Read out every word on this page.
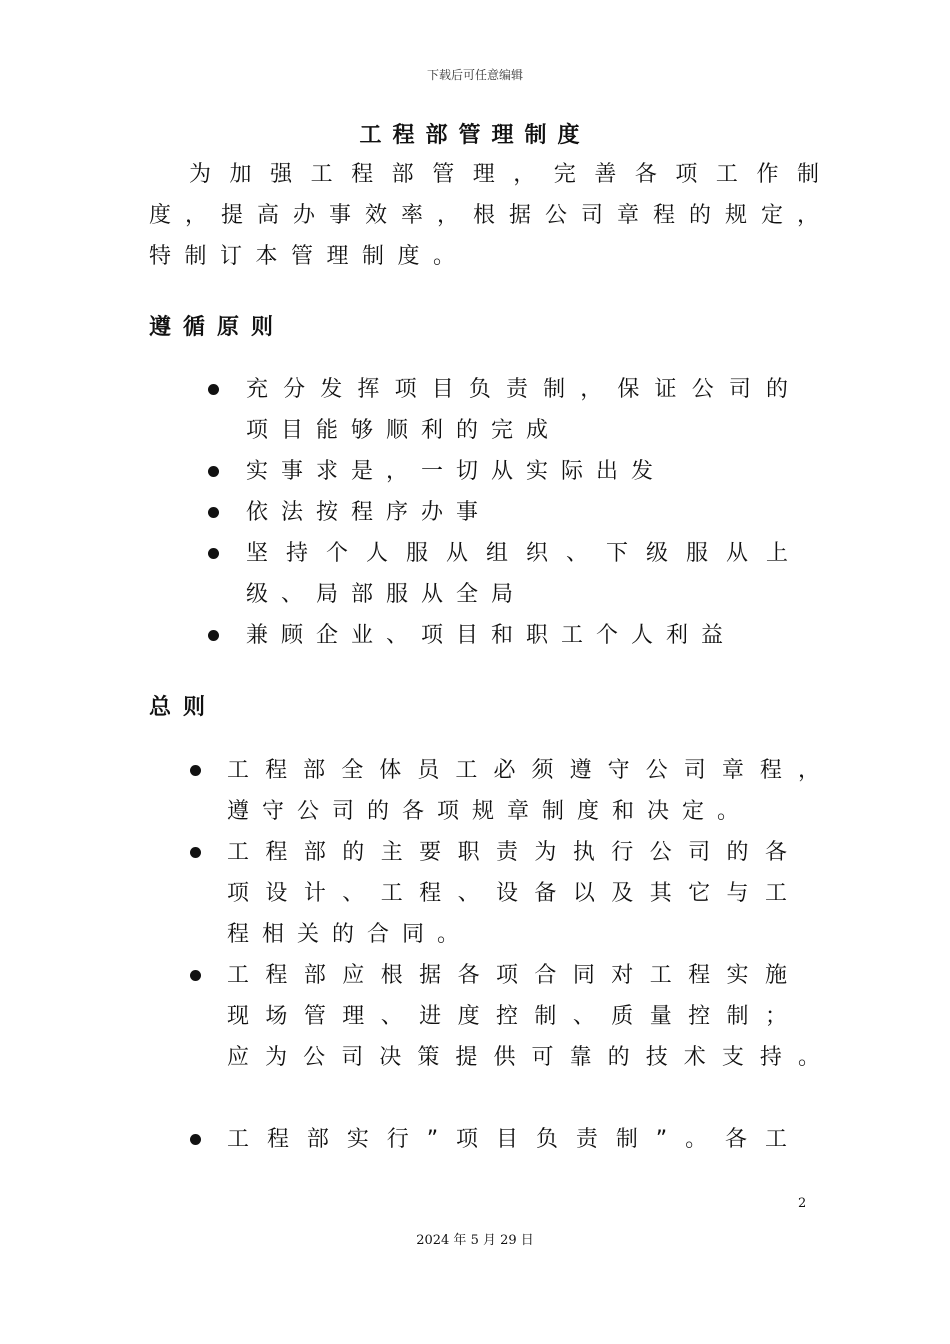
下载后可任意编辑
工程部管理制度
为加强工程部管理，完善各项工作制
度，提高办事效率，根据公司章程的规定，
特制订本管理制度。
遵循原则
充分发挥项目负责制，保证公司的
项目能够顺利的完成
实事求是，一切从实际出发
依法按程序办事
坚持个人服从组织、下级服从上
级、局部服从全局
兼顾企业、项目和职工个人利益
总则
工程部全体员工必须遵守公司章程，
遵守公司的各项规章制度和决定。
工程部的主要职责为执行公司的各
项设计、工程、设备以及其它与工
程相关的合同。
工程部应根据各项合同对工程实施
现场管理、进度控制、质量控制；
应为公司决策提供可靠的技术支持。
工程部实行”项目负责制”。各工
2
2024 年 5 月 29 日
